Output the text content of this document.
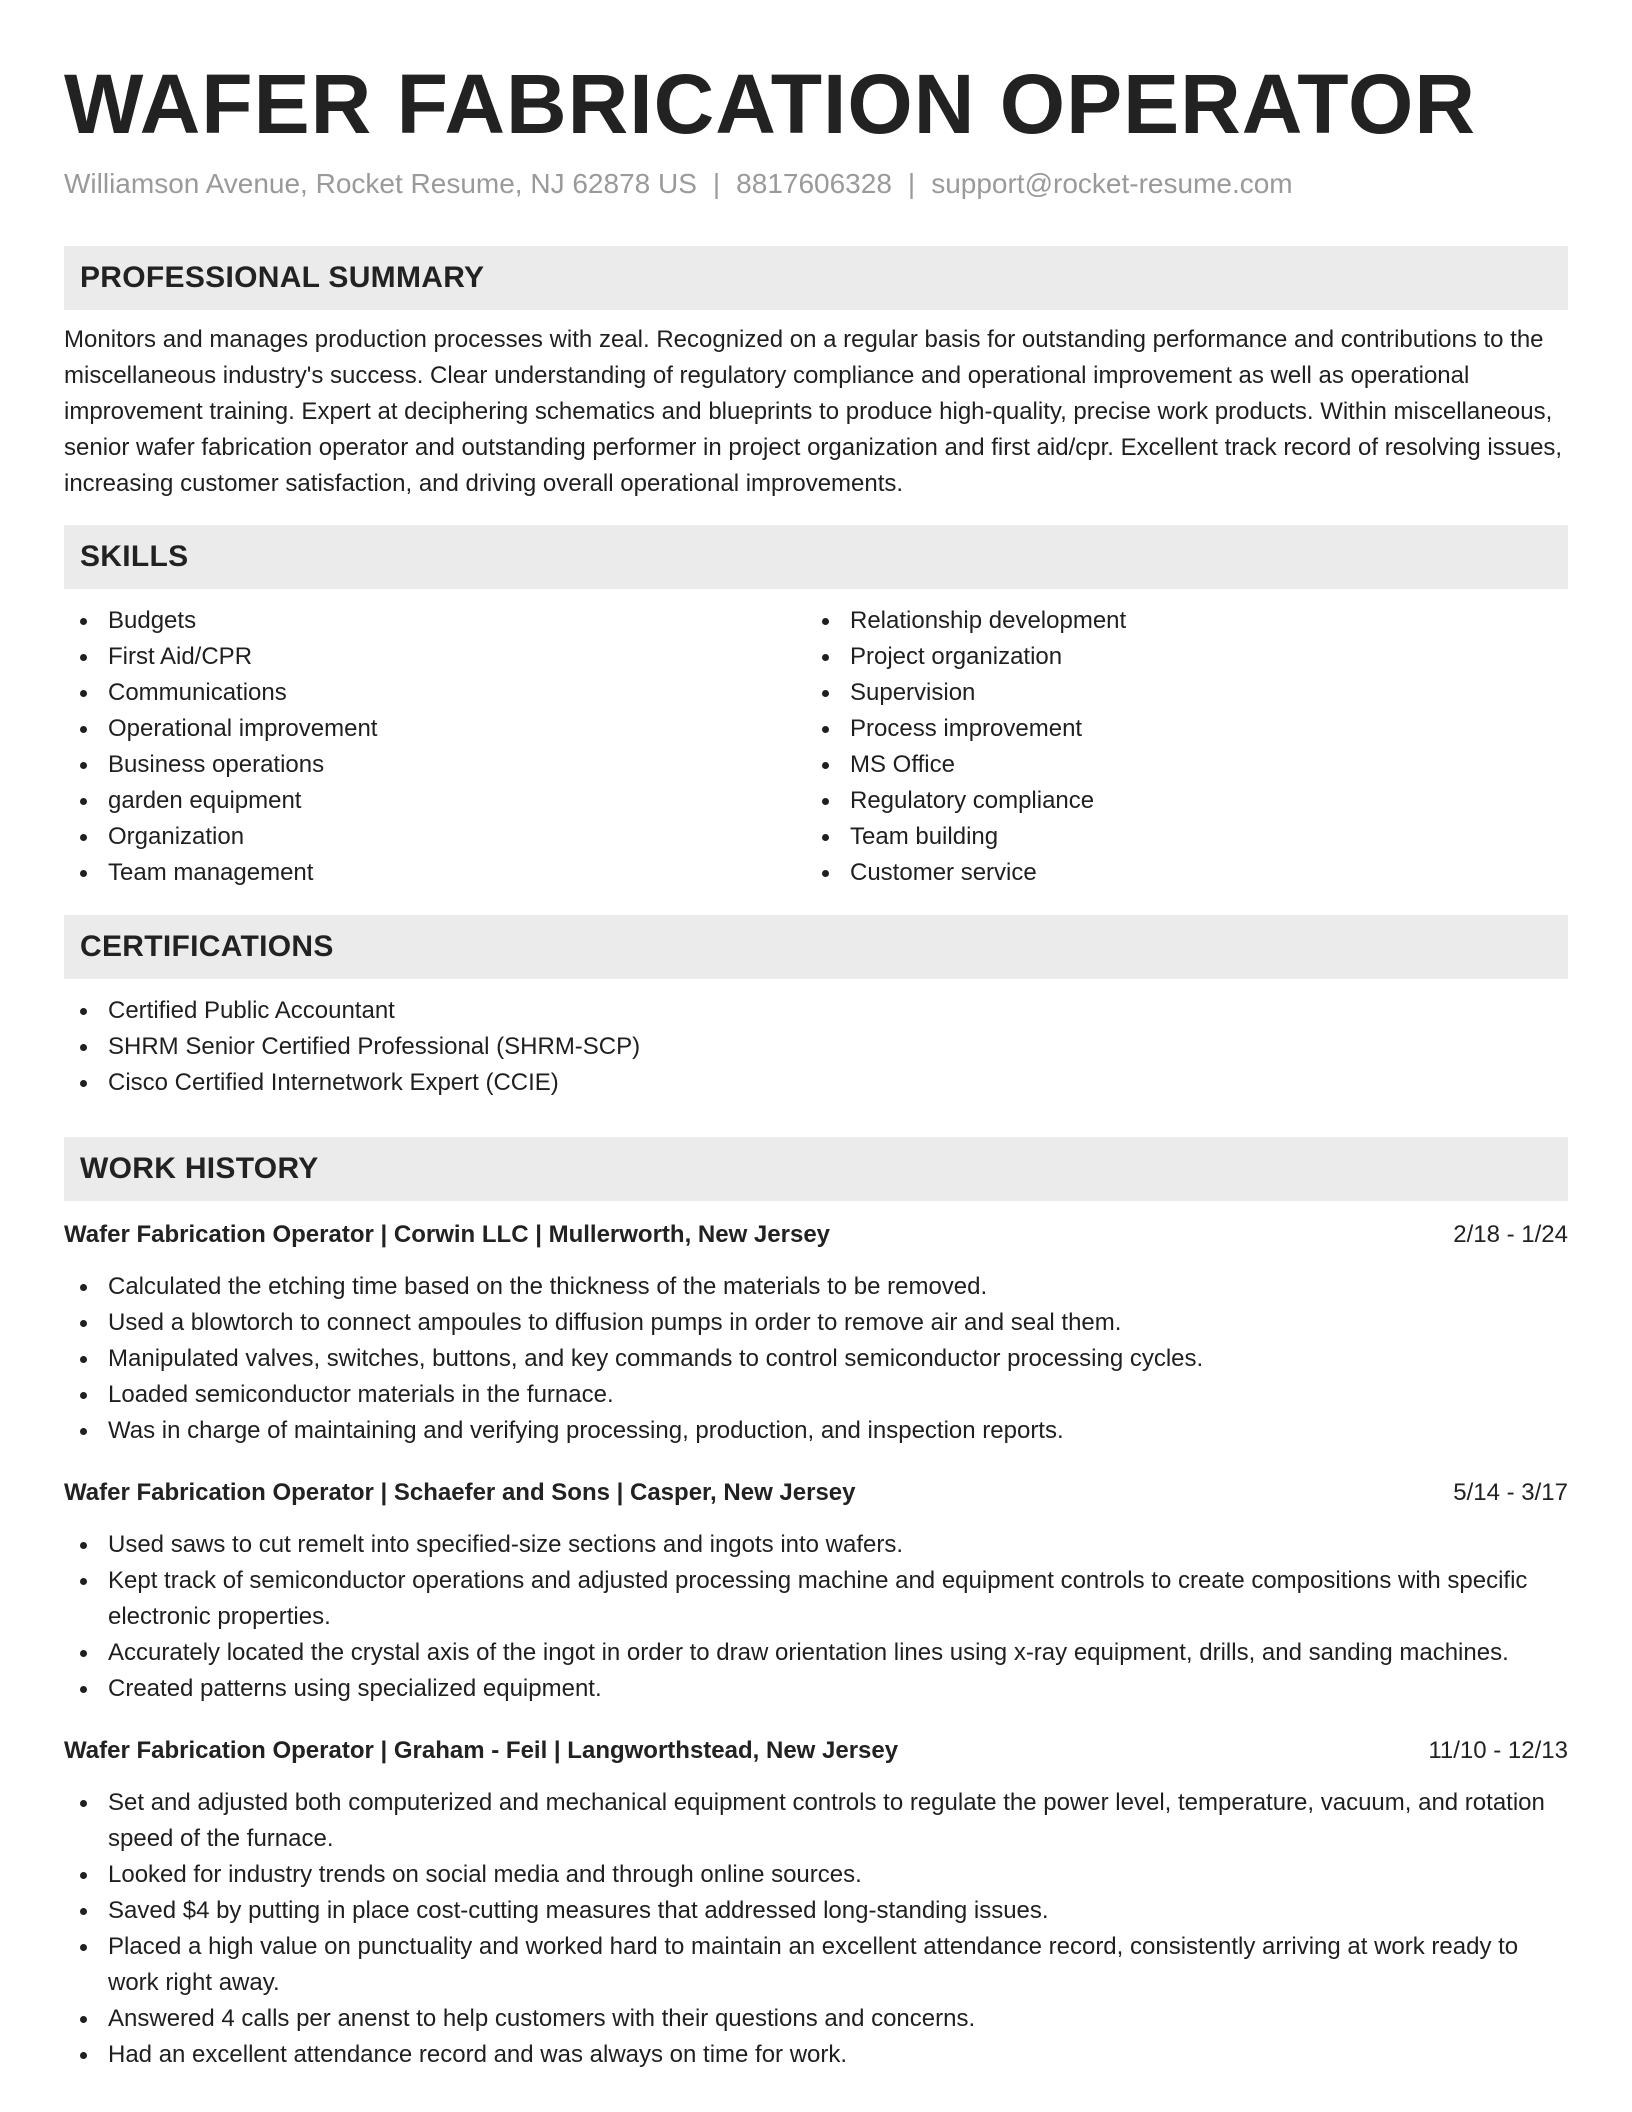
WAFER FABRICATION OPERATOR
Williamson Avenue, Rocket Resume, NJ 62878 US | 8817606328 | support@rocket-resume.com
PROFESSIONAL SUMMARY

Monitors and manages production processes with zeal. Recognized on a regular basis for outstanding performance and contributions to the miscellaneous industry's success. Clear understanding of regulatory compliance and operational improvement as well as operational improvement training. Expert at deciphering schematics and blueprints to produce high-quality, precise work products. Within miscellaneous, senior wafer fabrication operator and outstanding performer in project organization and first aid/cpr. Excellent track record of resolving issues, increasing customer satisfaction, and driving overall operational improvements.

SKILLS
Budgets
First Aid/CPR
Communications
Operational improvement
Business operations
garden equipment
Organization
Team management
Relationship development
Project organization
Supervision
Process improvement
MS Office
Regulatory compliance
Team building
Customer service
CERTIFICATIONS
Certified Public Accountant
SHRM Senior Certified Professional (SHRM-SCP)
Cisco Certified Internetwork Expert (CCIE)
WORK HISTORY
Wafer Fabrication Operator | Corwin LLC | Mullerworth, New Jersey	2/18 - 1/24
Calculated the etching time based on the thickness of the materials to be removed.
Used a blowtorch to connect ampoules to diffusion pumps in order to remove air and seal them.
Manipulated valves, switches, buttons, and key commands to control semiconductor processing cycles.
Loaded semiconductor materials in the furnace.
Was in charge of maintaining and verifying processing, production, and inspection reports.
Wafer Fabrication Operator | Schaefer and Sons | Casper, New Jersey	5/14 - 3/17
Used saws to cut remelt into specified-size sections and ingots into wafers.
Kept track of semiconductor operations and adjusted processing machine and equipment controls to create compositions with specific electronic properties.
Accurately located the crystal axis of the ingot in order to draw orientation lines using x-ray equipment, drills, and sanding machines.
Created patterns using specialized equipment.
Wafer Fabrication Operator | Graham - Feil | Langworthstead, New Jersey	11/10 - 12/13
Set and adjusted both computerized and mechanical equipment controls to regulate the power level, temperature, vacuum, and rotation speed of the furnace.
Looked for industry trends on social media and through online sources.
Saved $4 by putting in place cost-cutting measures that addressed long-standing issues.
Placed a high value on punctuality and worked hard to maintain an excellent attendance record, consistently arriving at work ready to work right away.
Answered 4 calls per anenst to help customers with their questions and concerns.
Had an excellent attendance record and was always on time for work.
